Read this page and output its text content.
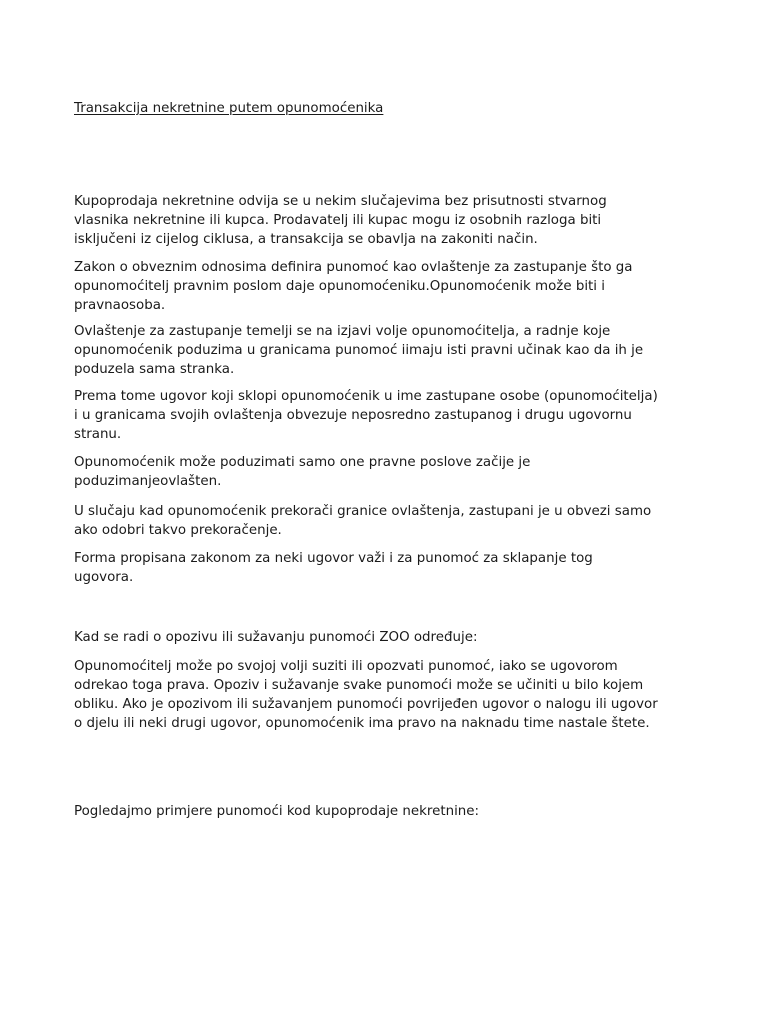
Transakcija nekretnine putem opunomoćenika
Kupoprodaja nekretnine odvija se u nekim slučajevima bez prisutnosti stvarnog
vlasnika nekretnine ili kupca. Prodavatelj ili kupac mogu iz osobnih razloga biti
isključeni iz cijelog ciklusa, a transakcija se obavlja na zakoniti način.
Zakon o obveznim odnosima definira punomoć kao ovlaštenje za zastupanje što ga
opunomoćitelj pravnim poslom daje opunomoćeniku.Opunomoćenik može biti i
pravnaosoba.
Ovlaštenje za zastupanje temelji se na izjavi volje opunomoćitelja, a radnje koje
opunomoćenik poduzima u granicama punomoć iimaju isti pravni učinak kao da ih je
poduzela sama stranka.
Prema tome ugovor koji sklopi opunomoćenik u ime zastupane osobe (opunomoćitelja)
i u granicama svojih ovlaštenja obvezuje neposredno zastupanog i drugu ugovornu
stranu.
Opunomoćenik može poduzimati samo one pravne poslove začije je
poduzimanjeovlašten.
U slučaju kad opunomoćenik prekorači granice ovlaštenja, zastupani je u obvezi samo
ako odobri takvo prekoračenje.
Forma propisana zakonom za neki ugovor važi i za punomoć za sklapanje tog
ugovora.
Kad se radi o opozivu ili sužavanju punomoći ZOO određuje:
Opunomoćitelj može po svojoj volji suziti ili opozvati punomoć, iako se ugovorom
odrekao toga prava. Opoziv i sužavanje svake punomoći može se učiniti u bilo kojem
obliku. Ako je opozivom ili sužavanjem punomoći povrijeđen ugovor o nalogu ili ugovor
o djelu ili neki drugi ugovor, opunomoćenik ima pravo na naknadu time nastale štete.
Pogledajmo primjere punomoći kod kupoprodaje nekretnine:
